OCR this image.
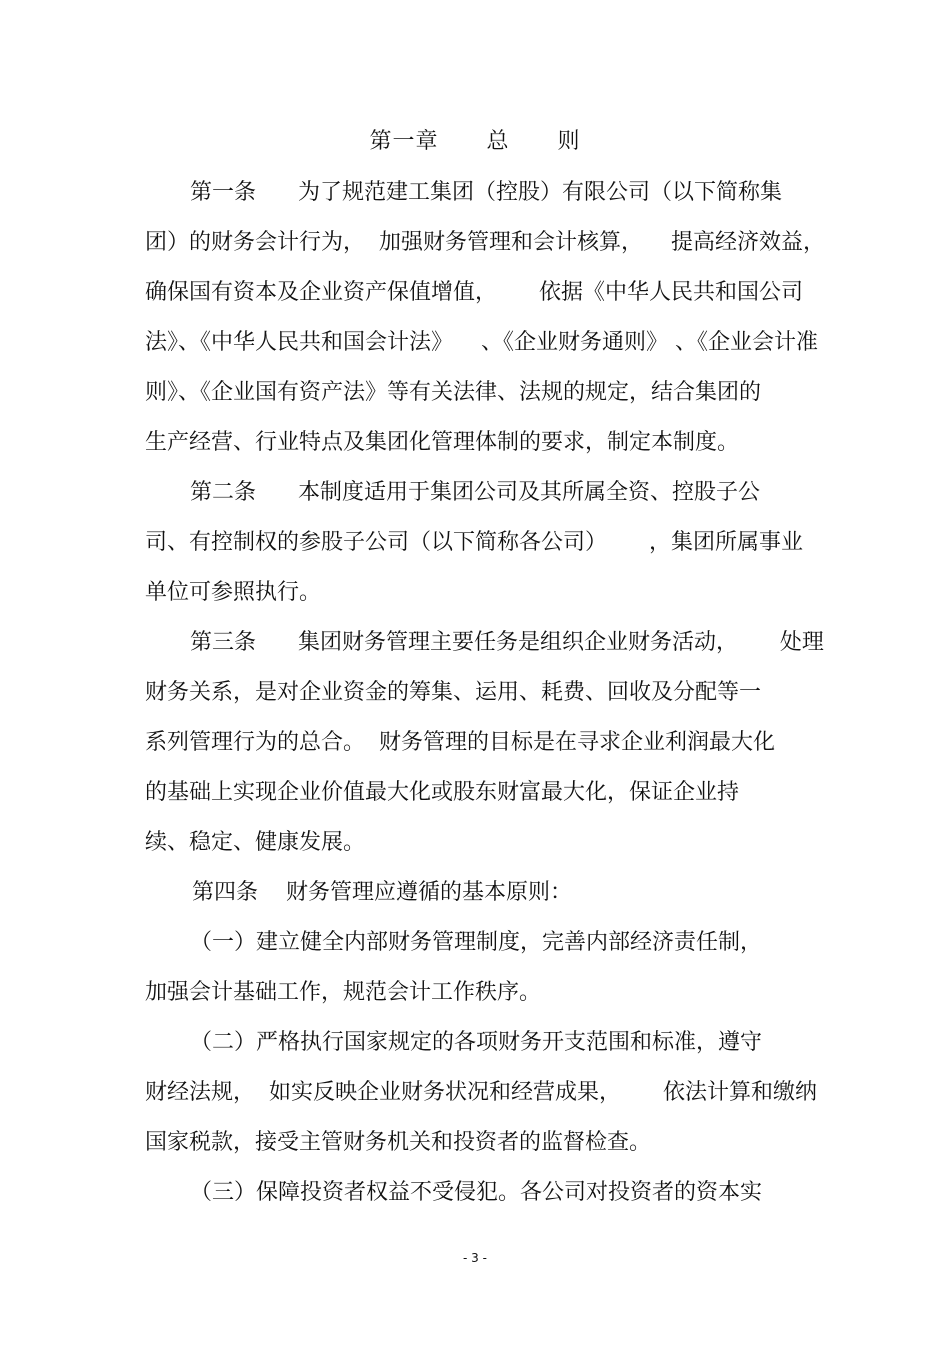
第一章      总      则
第一条      为了规范建工集团（控股）有限公司（以下简称集
团）的财务会计行为，  加强财务管理和会计核算，    提高经济效益，
确保国有资本及企业资产保值增值，      依据《中华人民共和国公司
法》、《中华人民共和国会计法》    、《企业财务通则》 、《企业会计准
则》、《企业国有资产法》等有关法律、法规的规定，结合集团的
生产经营、行业特点及集团化管理体制的要求，制定本制度。
第二条      本制度适用于集团公司及其所属全资、控股子公
司、有控制权的参股子公司（以下简称各公司）      ，集团所属事业
单位可参照执行。
第三条      集团财务管理主要任务是组织企业财务活动，      处理
财务关系，是对企业资金的筹集、运用、耗费、回收及分配等一
系列管理行为的总合。  财务管理的目标是在寻求企业利润最大化
的基础上实现企业价值最大化或股东财富最大化，保证企业持
续、稳定、健康发展。
第四条    财务管理应遵循的基本原则：
（一）建立健全内部财务管理制度，完善内部经济责任制，
加强会计基础工作，规范会计工作秩序。
（二）严格执行国家规定的各项财务开支范围和标准，遵守
财经法规，  如实反映企业财务状况和经营成果，      依法计算和缴纳
国家税款，接受主管财务机关和投资者的监督检查。
（三）保障投资者权益不受侵犯。各公司对投资者的资本实
- 3 -
